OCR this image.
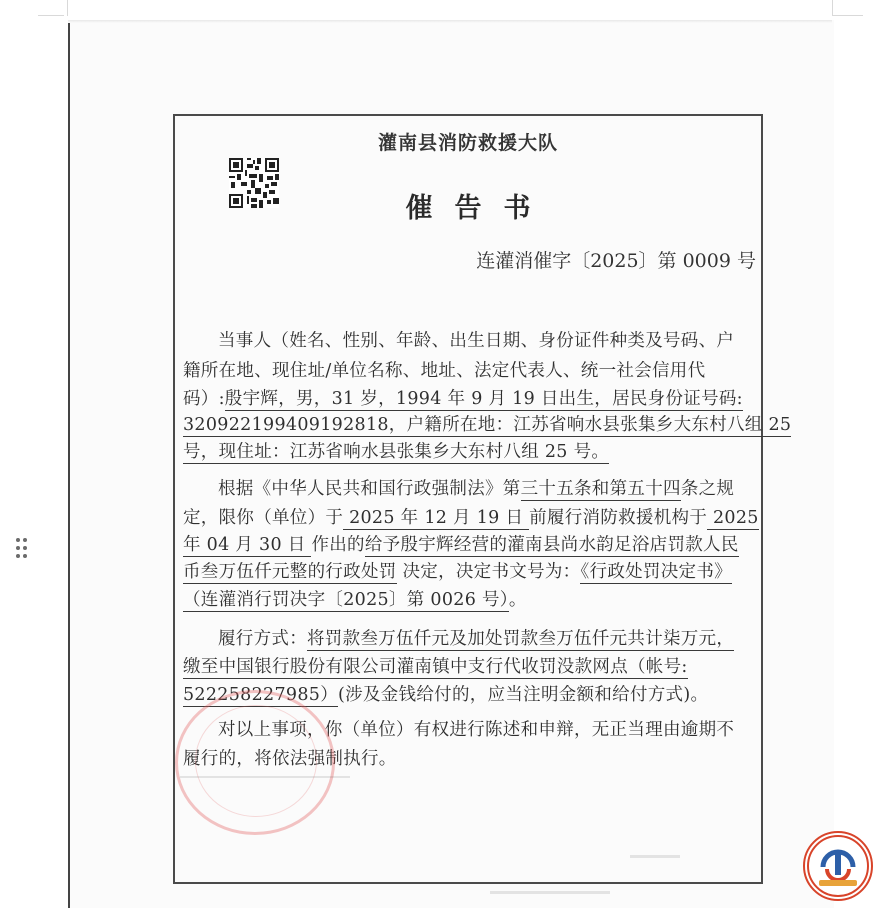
灌南县消防救援大队
催告书
连灌消催字〔2025〕第 0009 号
当事人（姓名、性别、年龄、出生日期、身份证件种类及号码、户
籍所在地、现住址/单位名称、地址、法定代表人、统一社会信用代
码）:殷宇辉，男，31 岁，1994 年 9 月 19 日出生，居民身份证号码:
320922199409192818，户籍所在地：江苏省响水县张集乡大东村八组 25
号，现住址：江苏省响水县张集乡大东村八组 25 号。
根据《中华人民共和国行政强制法》第三十五条和第五十四条之规
定，限你（单位）于 2025 年 12 月 19 日 前履行消防救援机构于 2025
年 04 月 30 日 作出的给予殷宇辉经营的灌南县尚水韵足浴店罚款人民
币叁万伍仟元整的行政处罚 决定，决定书文号为：《行政处罚决定书》
（连灌消行罚决字〔2025〕第 0026 号）。
履行方式：将罚款叁万伍仟元及加处罚款叁万伍仟元共计柒万元，
缴至中国银行股份有限公司灌南镇中支行代收罚没款网点（帐号:
522258227985）(涉及金钱给付的，应当注明金额和给付方式)。
对以上事项，你（单位）有权进行陈述和申辩，无正当理由逾期不
履行的，将依法强制执行。
